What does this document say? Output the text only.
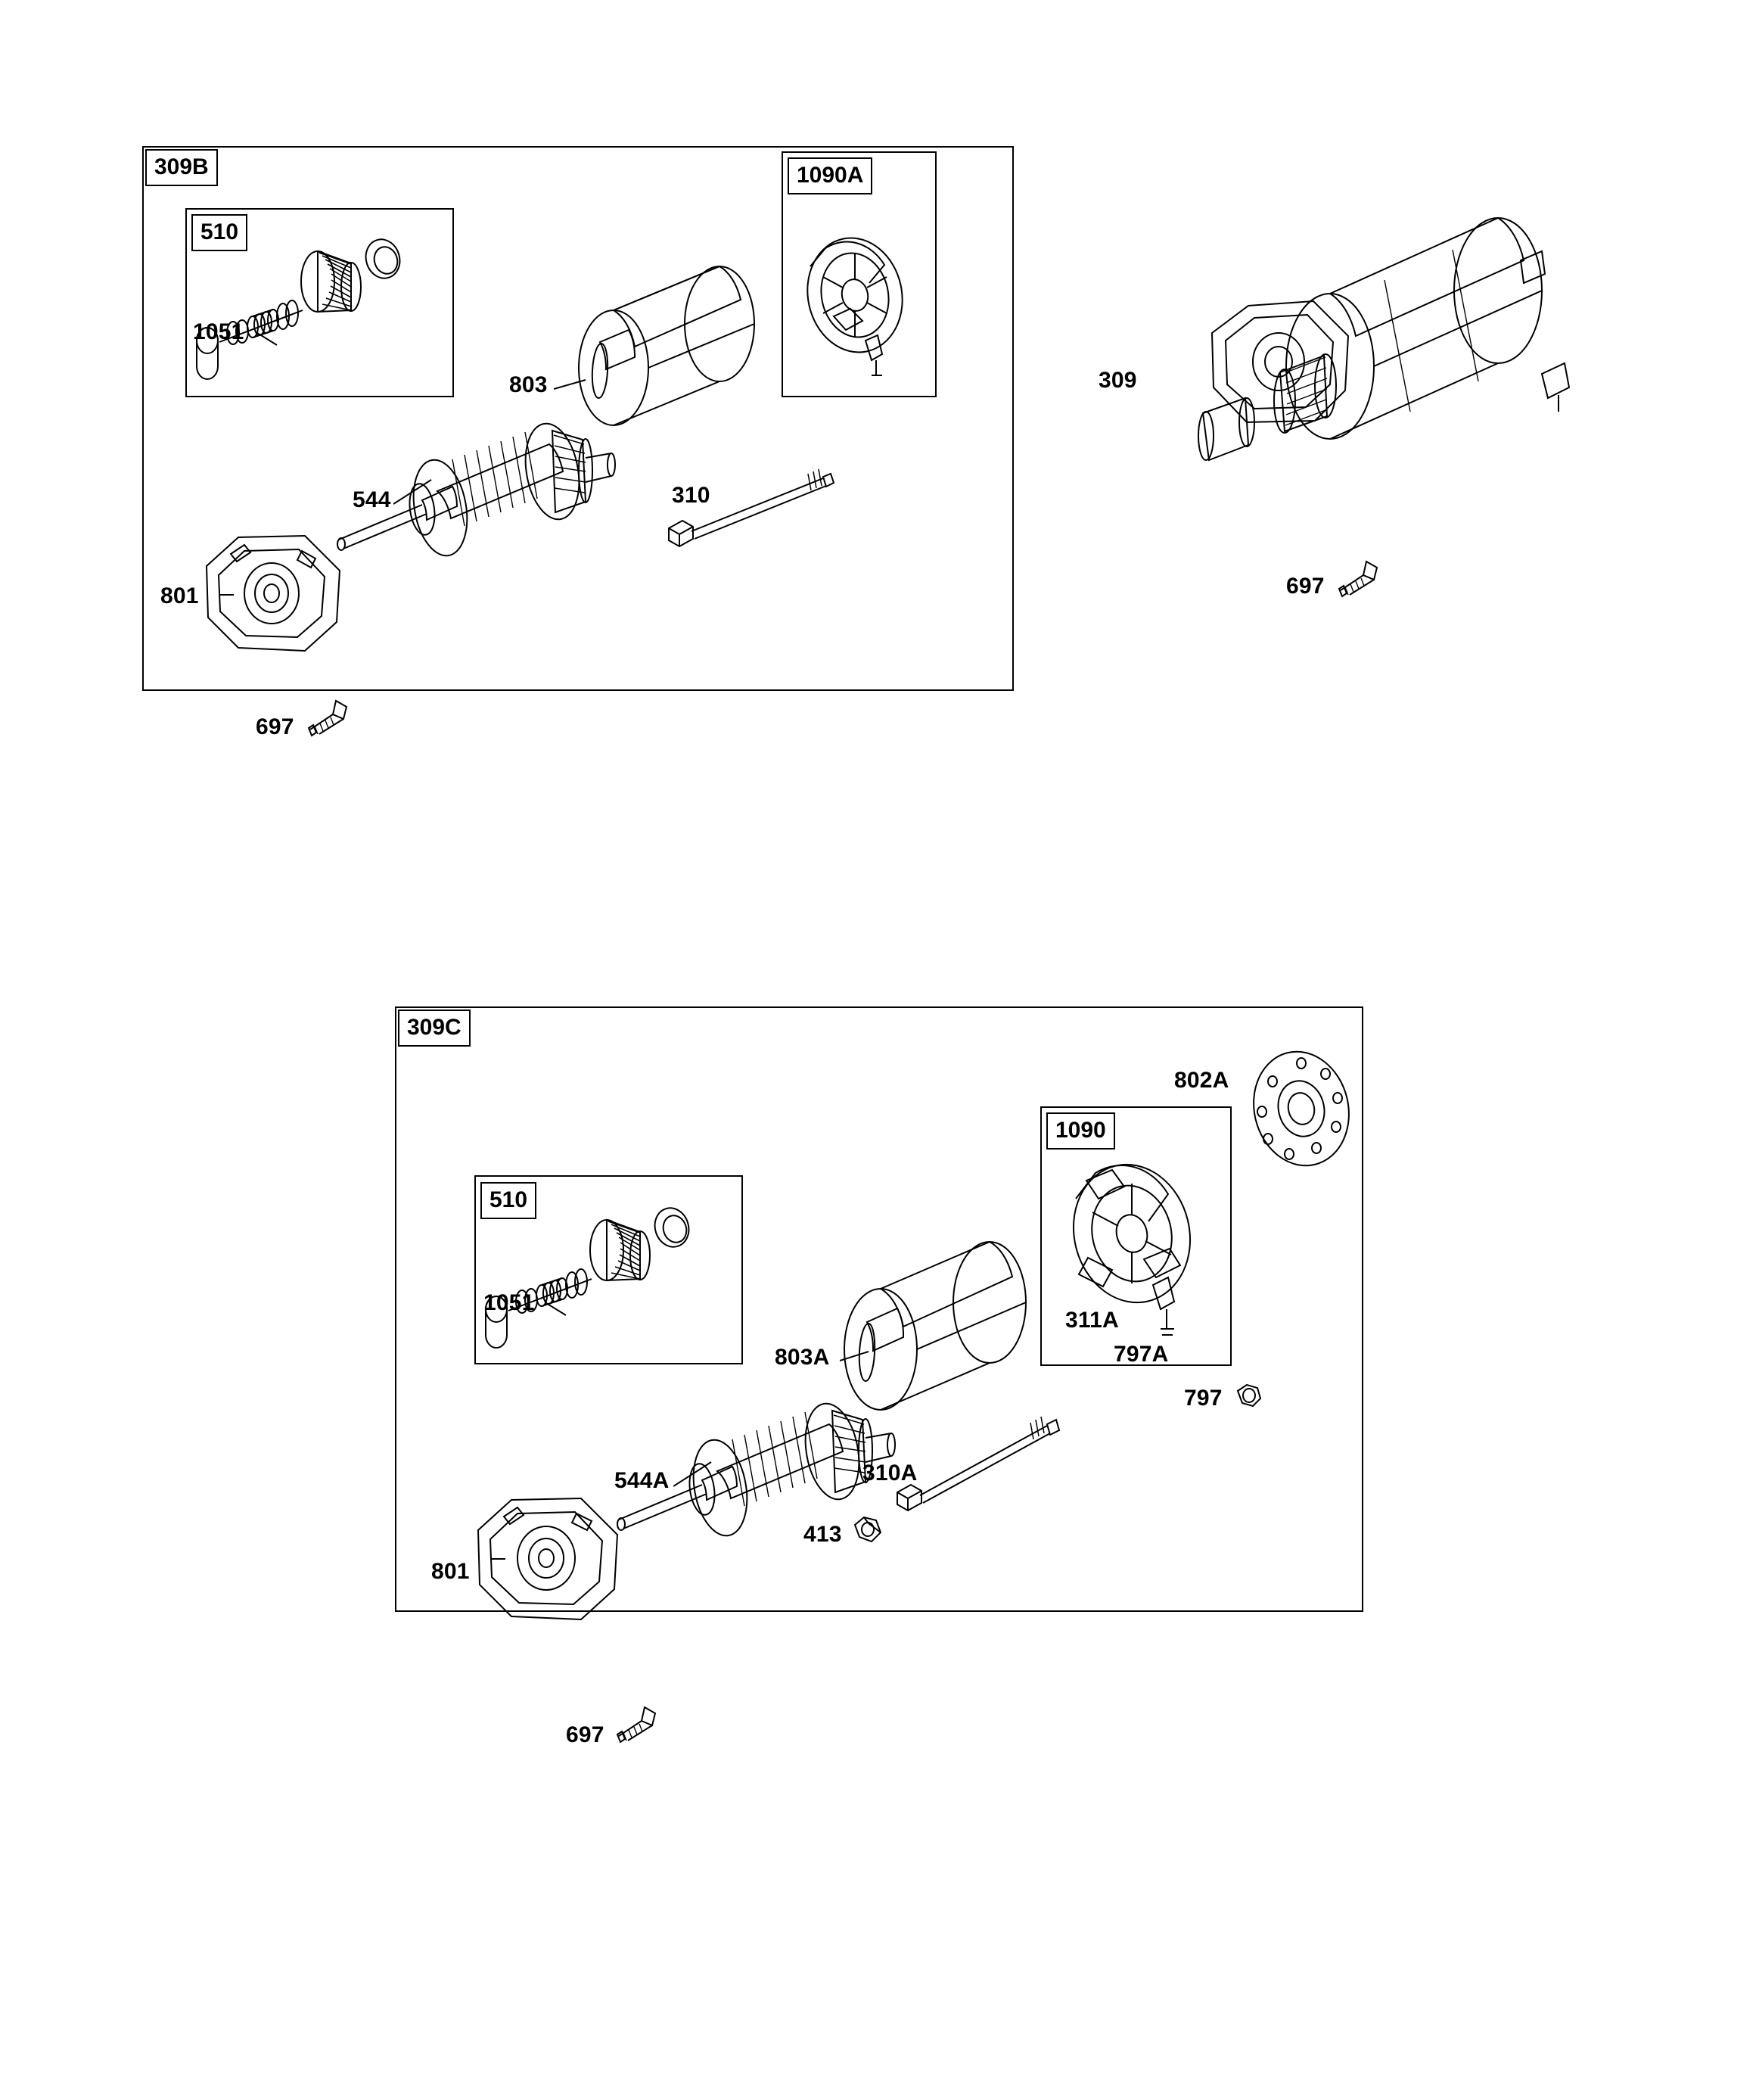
309B
510
1090A
1051
803
544	310
801
697
309
697
309C
802A
1090
311A
797A
797
510
1051
803A
544A	310A
413
801
697
